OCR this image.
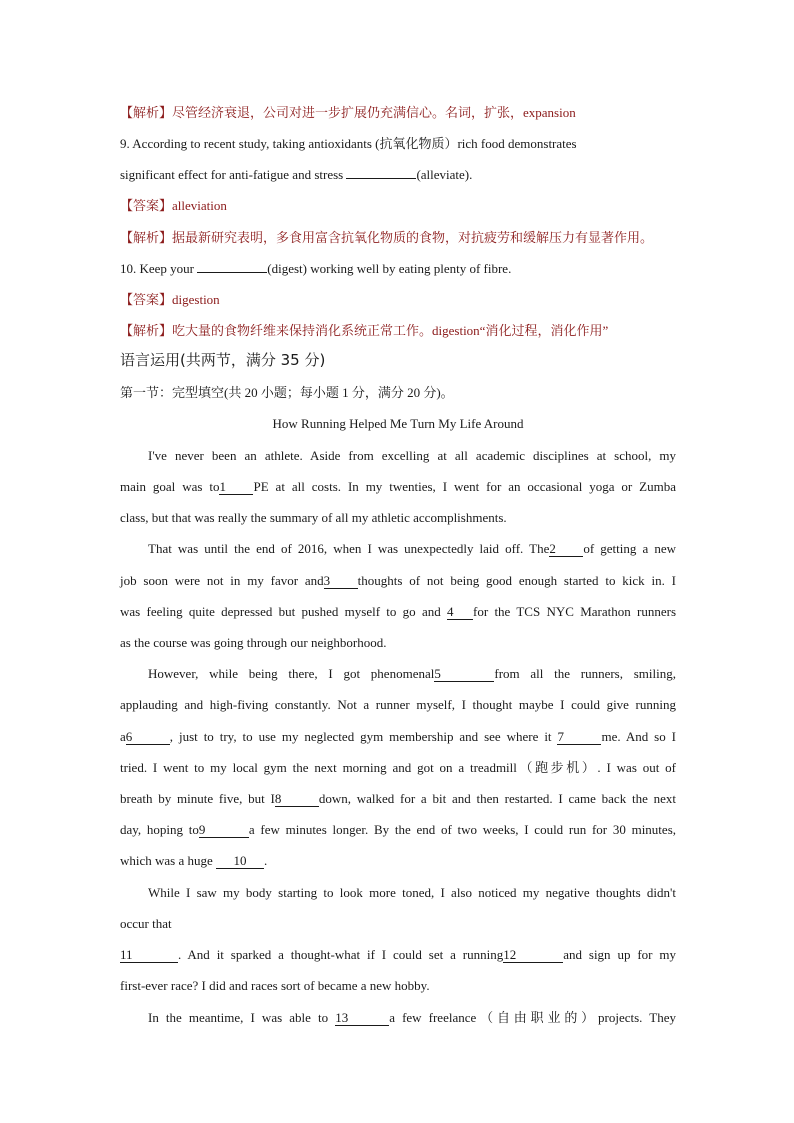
【解析】尽管经济衰退，公司对进一步扩展仍充满信心。名词，扩张，expansion
9. According to recent study, taking antioxidants (抗氧化物质）rich food demonstrates
significant effect for anti-fatigue and stress	(alleviate).
【答案】alleviation
【解析】据最新研究表明，多食用富含抗氧化物质的食物，对抗疲劳和缓解压力有显著作用。
10. Keep your	(digest) working well by eating plenty of fibre.
【答案】digestion
【解析】吃大量的食物纤维来保持消化系统正常工作。digestion“消化过程，消化作用”
语言运用(共两节，满分 35 分)
第一节：完型填空(共 20 小题；每小题 1 分，满分 20 分)。
How Running Helped Me Turn My Life Around
I've never been an athlete. Aside from excelling at all academic disciplines at school, my
main goal was to1 PE at all costs. In my twenties, I went for an occasional yoga or Zumba
class, but that was really the summary of all my athletic accomplishments.
That was until the end of 2016, when I was unexpectedly laid off. The2 of getting a new
job soon were not in my favor and3 thoughts of not being good enough started to kick in. I
was feeling quite depressed but pushed myself to go and 4 for the TCS NYC Marathon runners
as the course was going through our neighborhood.
However, while being there, I got phenomenal5	from all the runners, smiling,
applauding and high-fiving constantly. Not a runner myself, I thought maybe I could give running
a6	, just to try, to use my neglected gym membership and see where it 7	me. And so I
tried. I went to my local gym the next morning and got on a treadmill（跑步机）. I was out of
breath by minute five, but I8	down, walked for a bit and then restarted. I came back the next
day, hoping to9	a few minutes longer. By the end of two weeks, I could run for 30 minutes,
which was a huge 10 .
While I saw my body starting to look more toned, I also noticed my negative thoughts didn't
occur that
11	. And it sparked a thought-what if I could set a running12	and sign up for my
first-ever race? I did and races sort of became a new hobby.
In the meantime, I was able to 13	a few freelance（自由职业的）projects. They
